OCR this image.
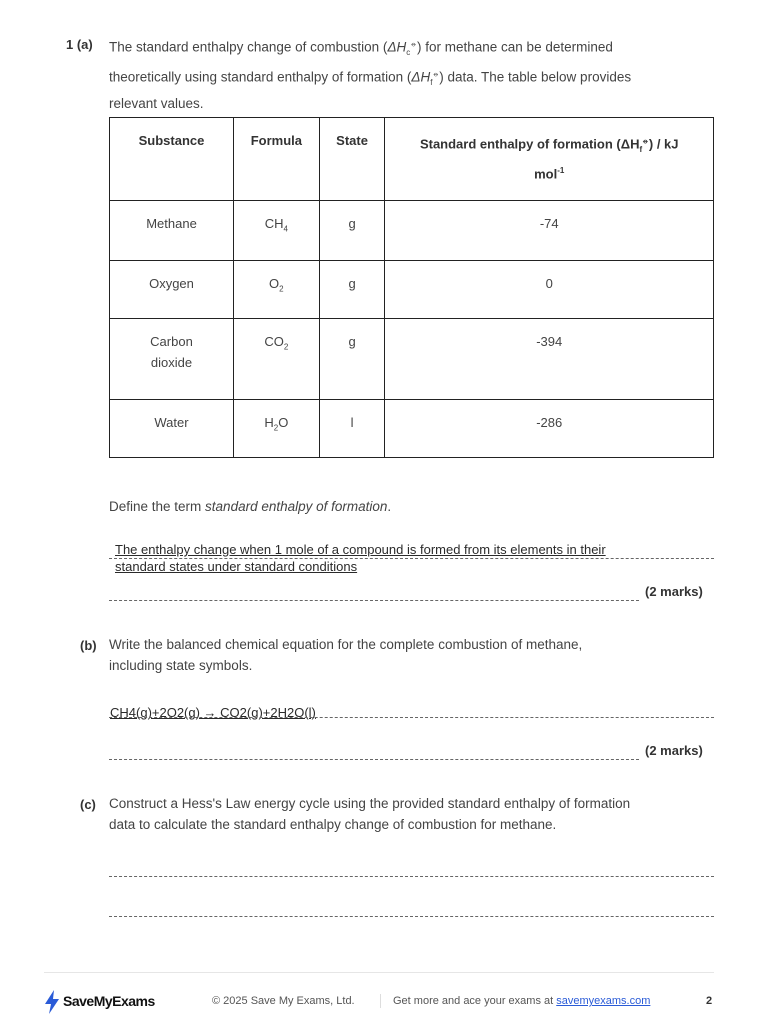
1 (a) The standard enthalpy change of combustion $(\Delta H_c^⦵)$ for methane can be determined
theoretically using standard enthalpy of formation $(\Delta H_f^⦵)$ data. The table below provides
relevant values.
Substance	Formula	State	Standard enthalpy of formation $(\Delta H_f^⦵)$ / kJ
mol$^{-1}$
Methane	$CH_4$	g	-74
Oxygen	$O_2$	g	0
Carbon
dioxide	$CO_2$	g	-394
Water	$H_2O$	l	-286
Define the term standard enthalpy of formation.
The enthalpy change when 1 mole of a compound is formed from its elements in their
standard states under standard conditions
(2 marks)
(b) Write the balanced chemical equation for the complete combustion of methane,
including state symbols.
CH4(g)+2O2(g) → CO2(g)+2H2O(l)
(2 marks)
(c) Construct a Hess's Law energy cycle using the provided standard enthalpy of formation
data to calculate the standard enthalpy change of combustion for methane.
SaveMyExams	© 2025 Save My Exams, Ltd.	Get more and ace your exams at savemyexams.com	2
